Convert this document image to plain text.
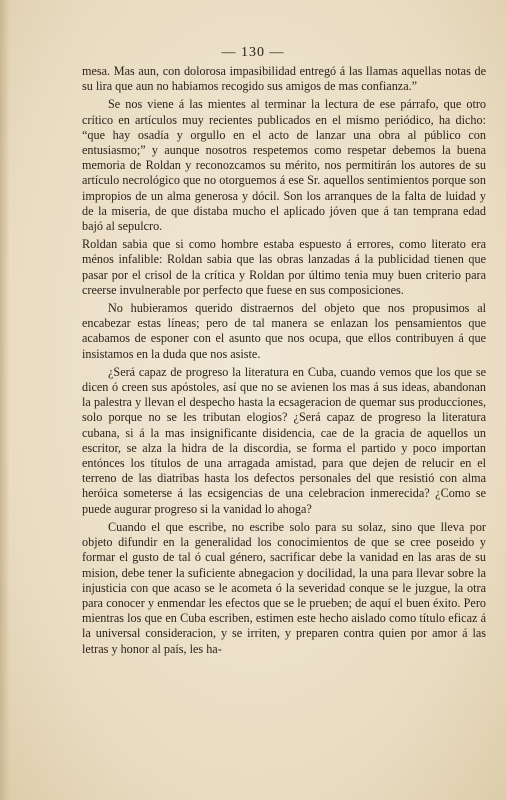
— 130 —

mesa. Mas aun, con dolorosa impasibilidad entregó á las llamas aquellas notas de su lira que aun no habiamos recogido sus amigos de mas confianza.”

Se nos viene á las mientes al terminar la lectura de ese párrafo, que otro crítico en artículos muy recientes publicados en el mismo periódico, ha dicho: “que hay osadía y orgullo en el acto de lanzar una obra al público con entusiasmo;” y aunque nosotros respetemos como respetar debemos la buena memoria de Roldan y reconozcamos su mérito, nos permitirán los autores de su artículo necrológico que no otorguemos á ese Sr. aquellos sentimientos porque son impropios de un alma generosa y dócil. Son los arranques de la falta de luidad y de la miseria, de que distaba mucho el aplicado jóven que á tan temprana edad bajó al sepulcro.

Roldan sabia que si como hombre estaba espuesto á errores, como literato era ménos infalible: Roldan sabia que las obras lanzadas á la publicidad tienen que pasar por el crisol de la crítica y Roldan por último tenia muy buen criterio para creerse invulnerable por perfecto que fuese en sus composiciones.

No hubieramos querido distraernos del objeto que nos propusimos al encabezar estas líneas; pero de tal manera se enlazan los pensamientos que acabamos de esponer con el asunto que nos ocupa, que ellos contribuyen á que insistamos en la duda que nos asiste.

¿Será capaz de progreso la literatura en Cuba, cuando vemos que los que se dicen ó creen sus apóstoles, así que no se avienen los mas á sus ideas, abandonan la palestra y llevan el despecho hasta la ecsageracion de quemar sus producciones, solo porque no se les tributan elogios? ¿Será capaz de progreso la literatura cubana, si á la mas insignificante disidencia, cae de la gracia de aquellos un escritor, se alza la hidra de la discordia, se forma el partido y poco importan entónces los títulos de una arragada amistad, para que dejen de relucir en el terreno de las diatribas hasta los defectos personales del que resistió con alma heróica someterse á las ecsigencias de una celebracion inmerecida? ¿Como se puede augurar progreso si la vanidad lo ahoga?

Cuando el que escribe, no escribe solo para su solaz, sino que lleva por objeto difundir en la generalidad los conocimientos de que se cree poseido y formar el gusto de tal ó cual género, sacrificar debe la vanidad en las aras de su mision, debe tener la suficiente abnegacion y docilidad, la una para llevar sobre la injusticia con que acaso se le acometa ó la severidad conque se le juzgue, la otra para conocer y enmendar les efectos que se le prueben; de aquí el buen éxito. Pero mientras los que en Cuba escriben, estimen este hecho aislado como título eficaz á la universal consideracion, y se irriten, y preparen contra quien por amor á las letras y honor al país, les ha-
